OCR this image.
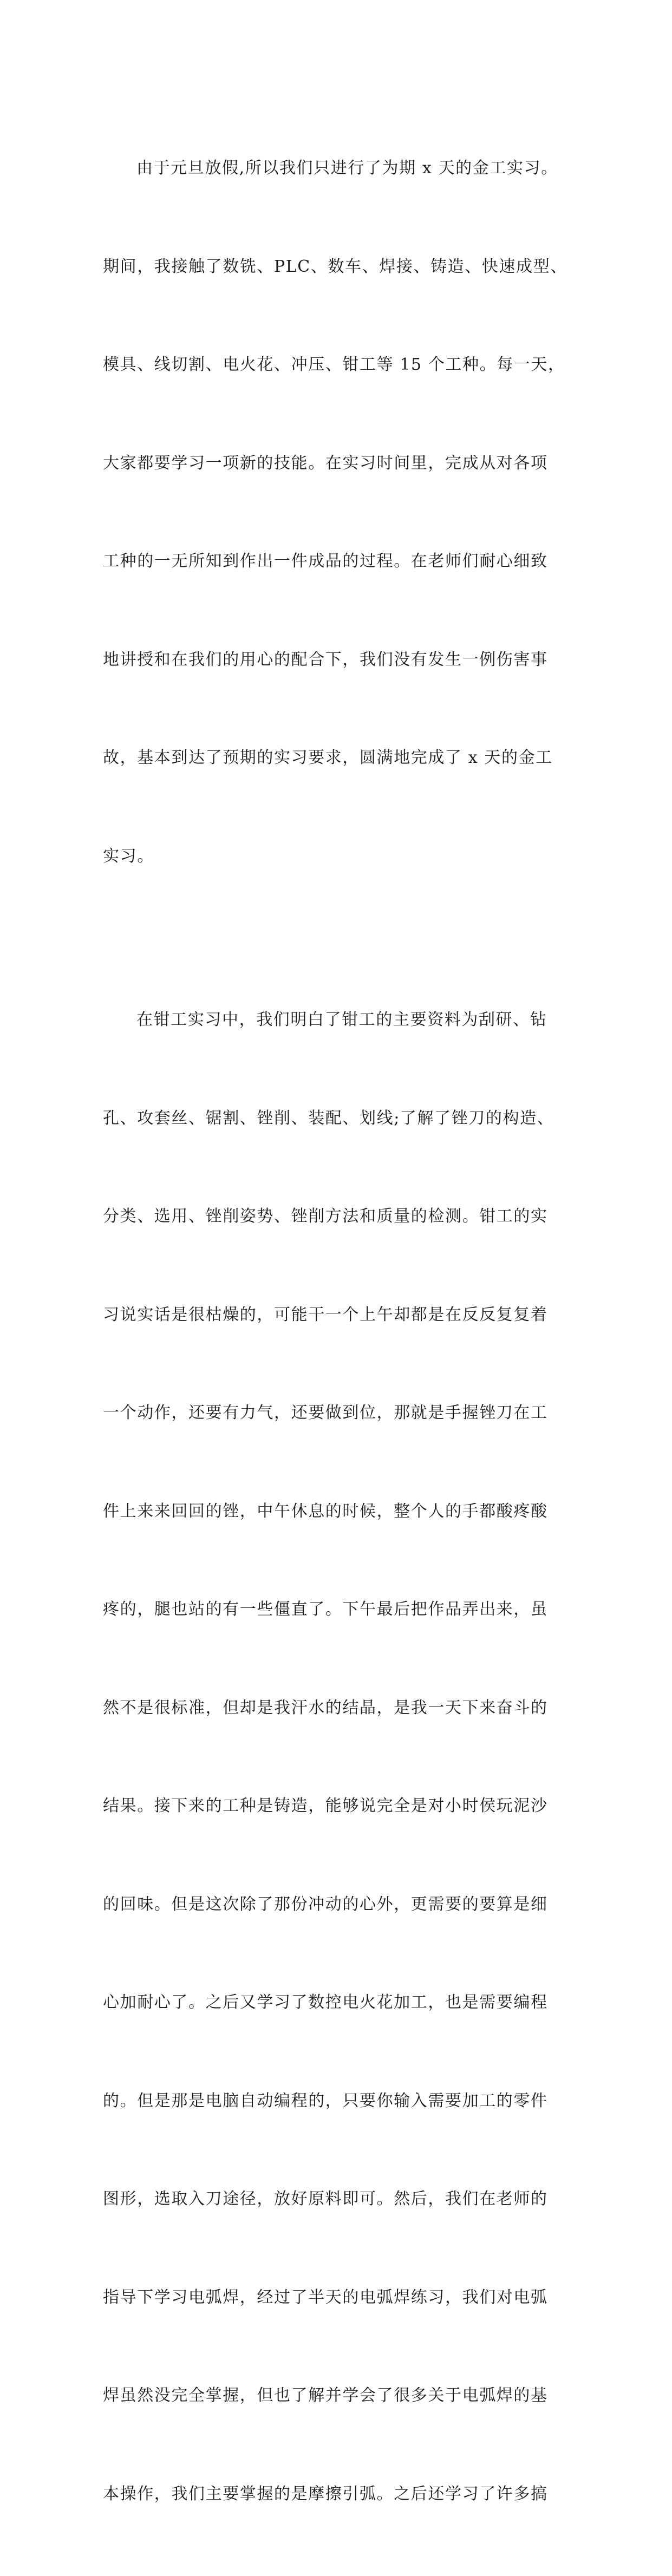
由于元旦放假,所以我们只进行了为期 x 天的金工实习。

期间，我接触了数铣、PLC、数车、焊接、铸造、快速成型、

模具、线切割、电火花、冲压、钳工等 15 个工种。每一天，

大家都要学习一项新的技能。在实习时间里，完成从对各项

工种的一无所知到作出一件成品的过程。在老师们耐心细致

地讲授和在我们的用心的配合下，我们没有发生一例伤害事

故，基本到达了预期的实习要求，圆满地完成了 x 天的金工

实习。

在钳工实习中，我们明白了钳工的主要资料为刮研、钻

孔、攻套丝、锯割、锉削、装配、划线;了解了锉刀的构造、

分类、选用、锉削姿势、锉削方法和质量的检测。钳工的实

习说实话是很枯燥的，可能干一个上午却都是在反反复复着

一个动作，还要有力气，还要做到位，那就是手握锉刀在工

件上来来回回的锉，中午休息的时候，整个人的手都酸疼酸

疼的，腿也站的有一些僵直了。下午最后把作品弄出来，虽

然不是很标准，但却是我汗水的结晶，是我一天下来奋斗的

结果。接下来的工种是铸造，能够说完全是对小时侯玩泥沙

的回味。但是这次除了那份冲动的心外，更需要的要算是细

心加耐心了。之后又学习了数控电火花加工，也是需要编程

的。但是那是电脑自动编程的，只要你输入需要加工的零件

图形，选取入刀途径，放好原料即可。然后，我们在老师的

指导下学习电弧焊，经过了半天的电弧焊练习，我们对电弧

焊虽然没完全掌握，但也了解并学会了很多关于电弧焊的基

本操作，我们主要掌握的是摩擦引弧。之后还学习了许多搞
